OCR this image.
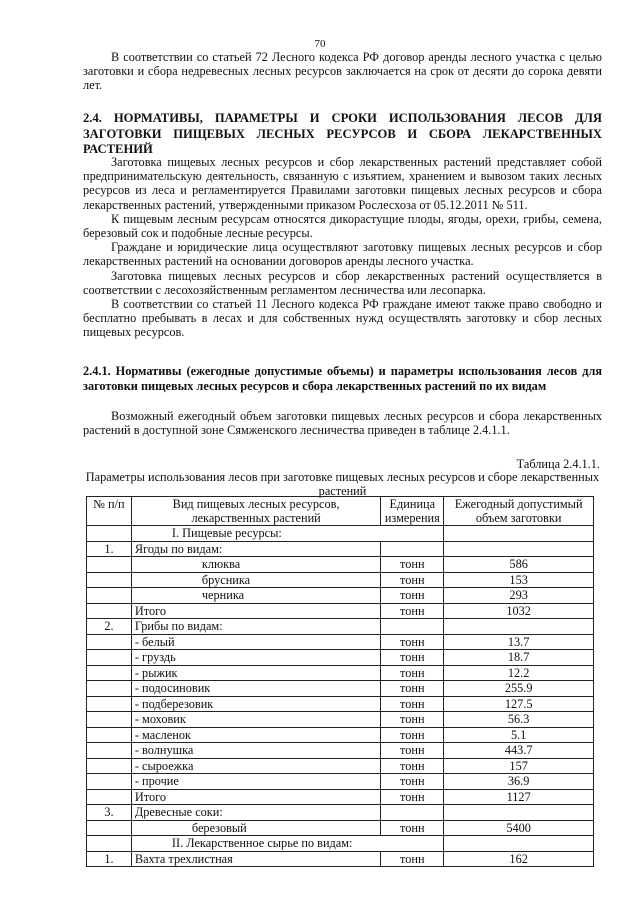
70

В соответствии со статьей 72 Лесного кодекса РФ договор аренды лесного участка с целью заготовки и сбора недревесных лесных ресурсов заключается на срок от десяти до сорока девяти лет.

2.4. НОРМАТИВЫ, ПАРАМЕТРЫ И СРОКИ ИСПОЛЬЗОВАНИЯ ЛЕСОВ ДЛЯ ЗАГОТОВКИ ПИЩЕВЫХ ЛЕСНЫХ РЕСУРСОВ И СБОРА ЛЕКАРСТВЕННЫХ РАСТЕНИЙ

Заготовка пищевых лесных ресурсов и сбор лекарственных растений представляет собой предпринимательскую деятельность, связанную с изъятием, хранением и вывозом таких лесных ресурсов из леса и регламентируется Правилами заготовки пищевых лесных ресурсов и сбора лекарственных растений, утвержденными приказом Рослесхоза от 05.12.2011 № 511.

К пищевым лесным ресурсам относятся дикорастущие плоды, ягоды, орехи, грибы, семена, березовый сок и подобные лесные ресурсы.

Граждане и юридические лица осуществляют заготовку пищевых лесных ресурсов и сбор лекарственных растений на основании договоров аренды лесного участка.

Заготовка пищевых лесных ресурсов и сбор лекарственных растений осуществляется в соответствии с лесохозяйственным регламентом лесничества или лесопарка.

В соответствии со статьей 11 Лесного кодекса РФ граждане имеют также право свободно и бесплатно пребывать в лесах и для собственных нужд осуществлять заготовку и сбор лесных пищевых ресурсов.

2.4.1. Нормативы (ежегодные допустимые объемы) и параметры использования лесов для заготовки пищевых лесных ресурсов и сбора лекарственных растений по их видам

Возможный ежегодный объем заготовки пищевых лесных ресурсов и сбора лекарственных растений в доступной зоне Сямженского лесничества приведен в таблице 2.4.1.1.

Таблица 2.4.1.1.
Параметры использования лесов при заготовке пищевых лесных ресурсов и сборе лекарственных растений
№ п/п	Вид пищевых лесных ресурсов, лекарственных растений	Единица измерения	Ежегодный допустимый объем заготовки
	I. Пищевые ресурсы:		
1.	Ягоды по видам:		
	клюква	тонн	586
	брусника	тонн	153
	черника	тонн	293
	Итого	тонн	1032
2.	Грибы по видам:		
	- белый	тонн	13.7
	- груздь	тонн	18.7
	- рыжик	тонн	12.2
	- подосиновик	тонн	255.9
	- подберезовик	тонн	127.5
	- моховик	тонн	56.3
	- масленок	тонн	5.1
	- волнушка	тонн	443.7
	- сыроежка	тонн	157
	- прочие	тонн	36.9
	Итого	тонн	1127
3.	Древесные соки:		
	березовый	тонн	5400
	II. Лекарственное сырье по видам:		
1.	Вахта трехлистная	тонн	162
